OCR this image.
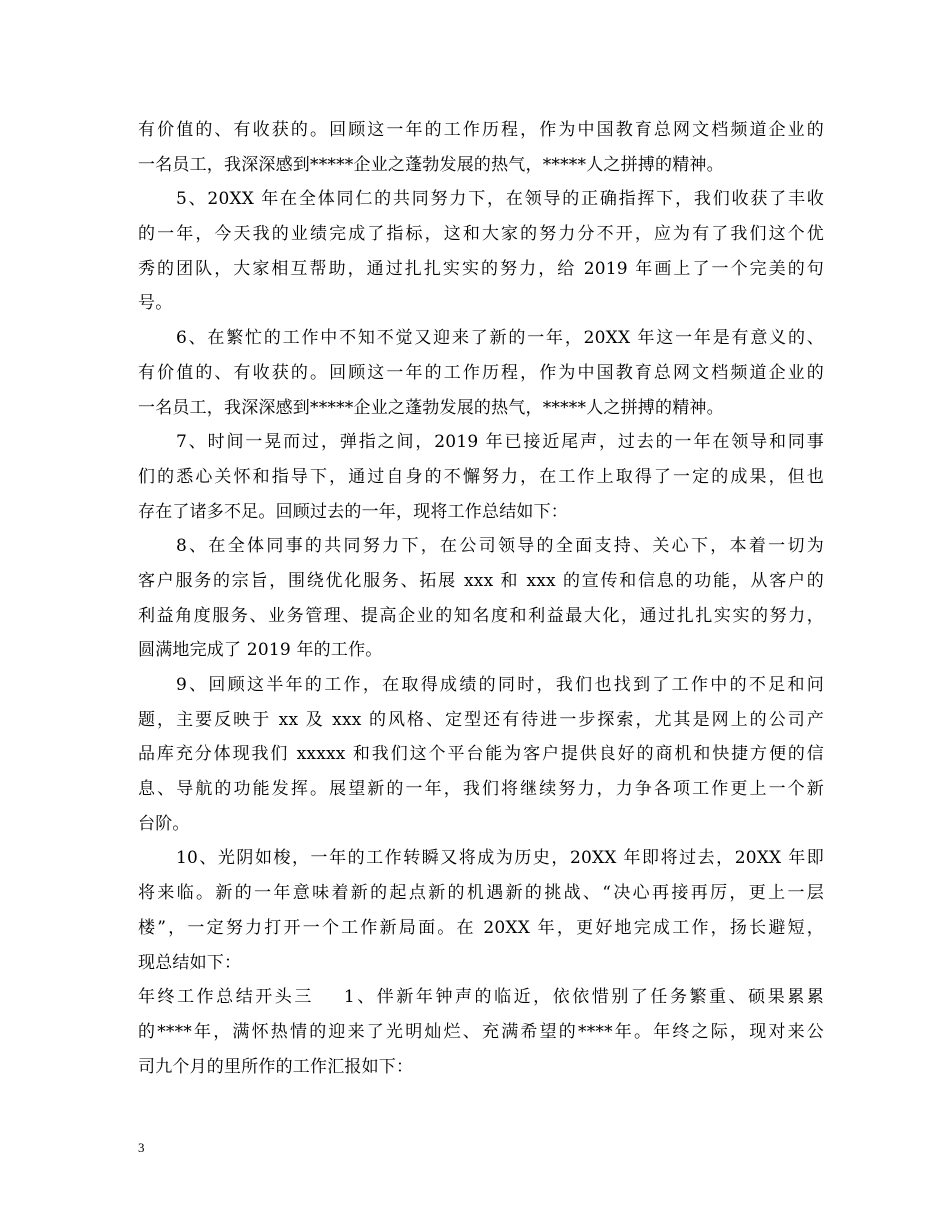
有价值的、有收获的。回顾这一年的工作历程，作为中国教育总网文档频道企业的
一名员工，我深深感到*****企业之蓬勃发展的热气，*****人之拼搏的精神。
5、20XX 年在全体同仁的共同努力下，在领导的正确指挥下，我们收获了丰收
的一年，今天我的业绩完成了指标，这和大家的努力分不开，应为有了我们这个优
秀的团队，大家相互帮助，通过扎扎实实的努力，给 2019 年画上了一个完美的句
号。
6、在繁忙的工作中不知不觉又迎来了新的一年，20XX 年这一年是有意义的、
有价值的、有收获的。回顾这一年的工作历程，作为中国教育总网文档频道企业的
一名员工，我深深感到*****企业之蓬勃发展的热气，*****人之拼搏的精神。
7、时间一晃而过，弹指之间，2019 年已接近尾声，过去的一年在领导和同事
们的悉心关怀和指导下，通过自身的不懈努力，在工作上取得了一定的成果，但也
存在了诸多不足。回顾过去的一年，现将工作总结如下：
8、在全体同事的共同努力下，在公司领导的全面支持、关心下，本着一切为
客户服务的宗旨，围绕优化服务、拓展 xxx 和 xxx 的宣传和信息的功能，从客户的
利益角度服务、业务管理、提高企业的知名度和利益最大化，通过扎扎实实的努力，
圆满地完成了 2019 年的工作。
9、回顾这半年的工作，在取得成绩的同时，我们也找到了工作中的不足和问
题，主要反映于 xx 及 xxx 的风格、定型还有待进一步探索，尤其是网上的公司产
品库充分体现我们 xxxxx 和我们这个平台能为客户提供良好的商机和快捷方便的信
息、导航的功能发挥。展望新的一年，我们将继续努力，力争各项工作更上一个新
台阶。
10、光阴如梭，一年的工作转瞬又将成为历史，20XX 年即将过去，20XX 年即
将来临。新的一年意味着新的起点新的机遇新的挑战、“决心再接再厉，更上一层
楼”，一定努力打开一个工作新局面。在 20XX 年，更好地完成工作，扬长避短，
现总结如下：
年终工作总结开头三 1、伴新年钟声的临近，依依惜别了任务繁重、硕果累累
的****年，满怀热情的迎来了光明灿烂、充满希望的****年。年终之际，现对来公
司九个月的里所作的工作汇报如下：
3
